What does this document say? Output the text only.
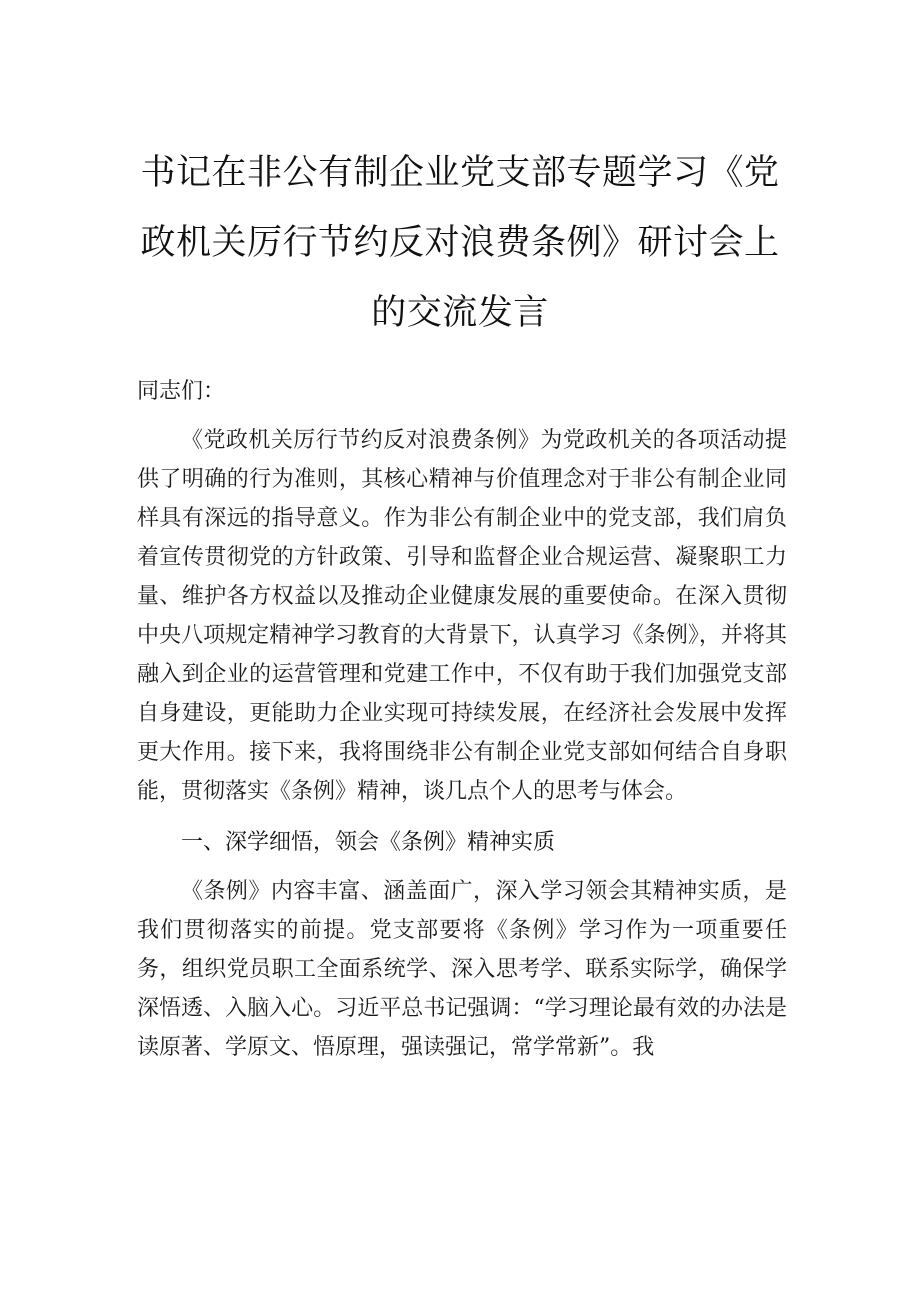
书记在非公有制企业党支部专题学习《党
政机关厉行节约反对浪费条例》研讨会上
的交流发言

同志们：

《党政机关厉行节约反对浪费条例》为党政机关的各项活动提供了明确的行为准则，其核心精神与价值理念对于非公有制企业同样具有深远的指导意义。作为非公有制企业中的党支部，我们肩负着宣传贯彻党的方针政策、引导和监督企业合规运营、凝聚职工力量、维护各方权益以及推动企业健康发展的重要使命。在深入贯彻中央八项规定精神学习教育的大背景下，认真学习《条例》，并将其融入到企业的运营管理和党建工作中，不仅有助于我们加强党支部自身建设，更能助力企业实现可持续发展，在经济社会发展中发挥更大作用。接下来，我将围绕非公有制企业党支部如何结合自身职能，贯彻落实《条例》精神，谈几点个人的思考与体会。

一、深学细悟，领会《条例》精神实质

《条例》内容丰富、涵盖面广，深入学习领会其精神实质，是我们贯彻落实的前提。党支部要将《条例》学习作为一项重要任务，组织党员职工全面系统学、深入思考学、联系实际学，确保学深悟透、入脑入心。习近平总书记强调：“学习理论最有效的办法是读原著、学原文、悟原理，强读强记，常学常新”。我
